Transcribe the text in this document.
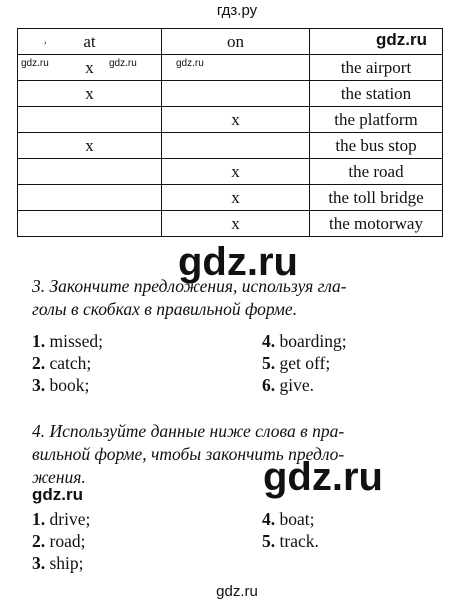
гдз.ру
, at	on	gdz.ru

gdz.ru x gdz.ru	gdz.ru	the airport
x		the station
	x	the platform
x		the bus stop
	x	the road
	x	the toll bridge
	x	the motorway
gdz.ru
3. Закончите предложения, используя гла-
голы в скобках в правильной форме.
1. missed;
2. catch;
3. book;
4. boarding;
5. get off;
6. give.
4. Используйте данные ниже слова в пра-
вильной форме, чтобы закончить предло-
жения.	gdz.ru
gdz.ru
1. drive;
2. road;
3. ship;
4. boat;
5. track.
gdz.ru
